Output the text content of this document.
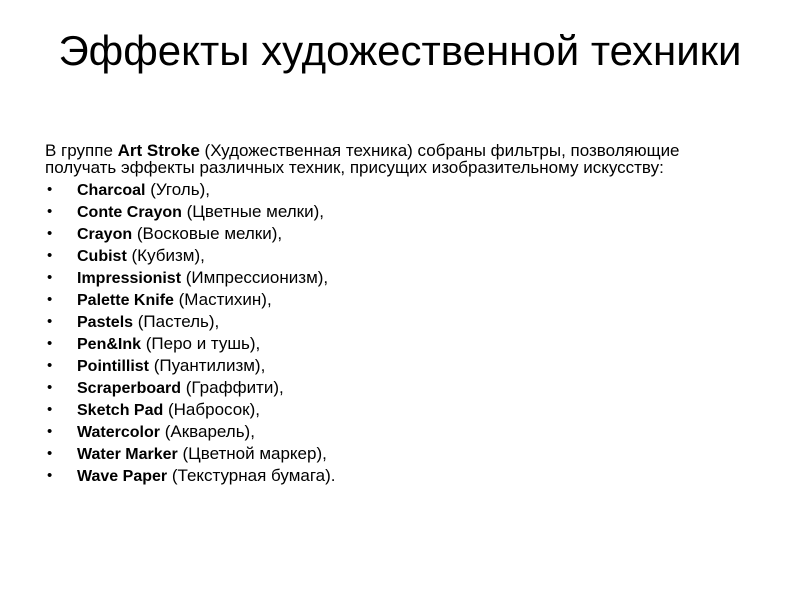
Эффекты художественной техники

В группе Art Stroke (Художественная техника) собраны фильтры, позволяющие получать эффекты различных техник, присущих изобразительному искусству:

• Charcoal (Уголь),
• Conte Crayon (Цветные мелки),
• Crayon (Восковые мелки),
• Cubist (Кубизм),
• Impressionist (Импрессионизм),
• Palette Knife (Мастихин),
• Pastels (Пастель),
• Pen&Ink (Перо и тушь),
• Pointillist (Пуантилизм),
• Scraperboard (Граффити),
• Sketch Pad (Набросок),
• Watercolor (Акварель),
• Water Marker (Цветной маркер),
• Wave Paper (Текстурная бумага).
